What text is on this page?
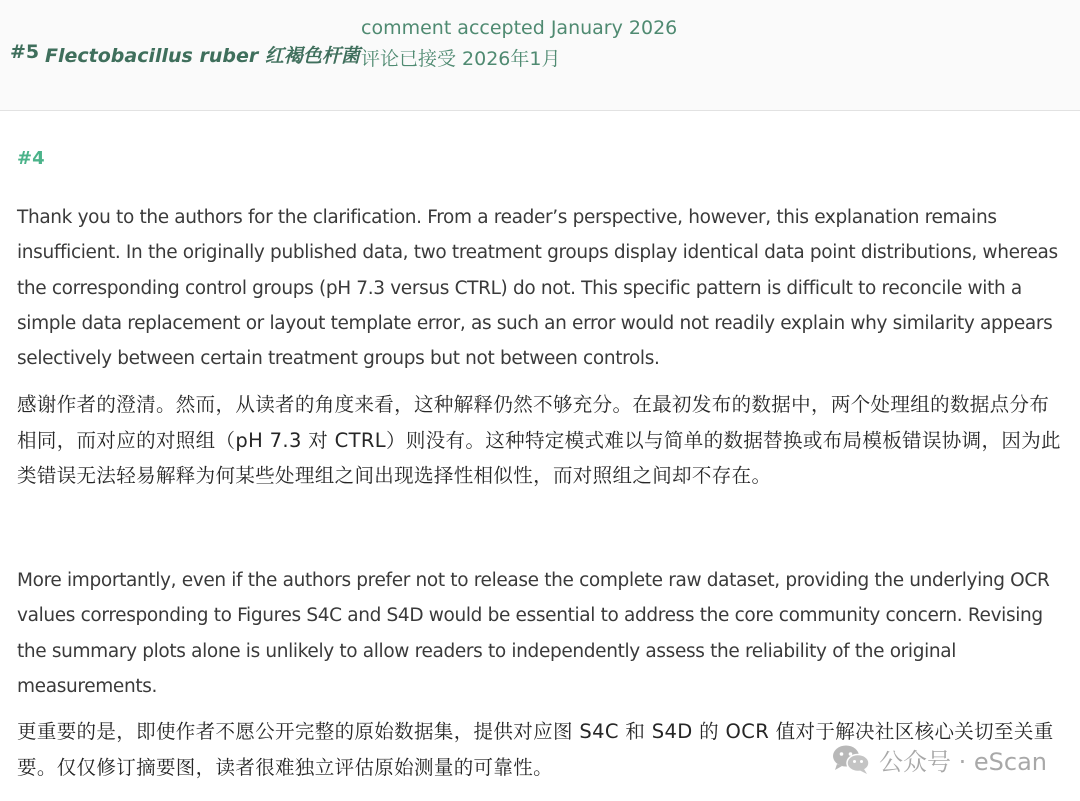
#5 Flectobacillus ruber 红褐色杆菌
comment accepted January 2026
评论已接受 2026年1月
#4

Thank you to the authors for the clarification. From a reader’s perspective, however, this explanation remains insufficient. In the originally published data, two treatment groups display identical data point distributions, whereas the corresponding control groups (pH 7.3 versus CTRL) do not. This specific pattern is difficult to reconcile with a simple data replacement or layout template error, as such an error would not readily explain why similarity appears selectively between certain treatment groups but not between controls.

感谢作者的澄清。然而，从读者的角度来看，这种解释仍然不够充分。在最初发布的数据中，两个处理组的数据点分布相同，而对应的对照组（pH 7.3 对 CTRL）则没有。这种特定模式难以与简单的数据替换或布局模板错误协调，因为此类错误无法轻易解释为何某些处理组之间出现选择性相似性，而对照组之间却不存在。

More importantly, even if the authors prefer not to release the complete raw dataset, providing the underlying OCR values corresponding to Figures S4C and S4D would be essential to address the core community concern. Revising the summary plots alone is unlikely to allow readers to independently assess the reliability of the original measurements.

更重要的是，即使作者不愿公开完整的原始数据集，提供对应图 S4C 和 S4D 的 OCR 值对于解决社区核心关切至关重要。仅仅修订摘要图，读者很难独立评估原始测量的可靠性。	公众号 · eScan
